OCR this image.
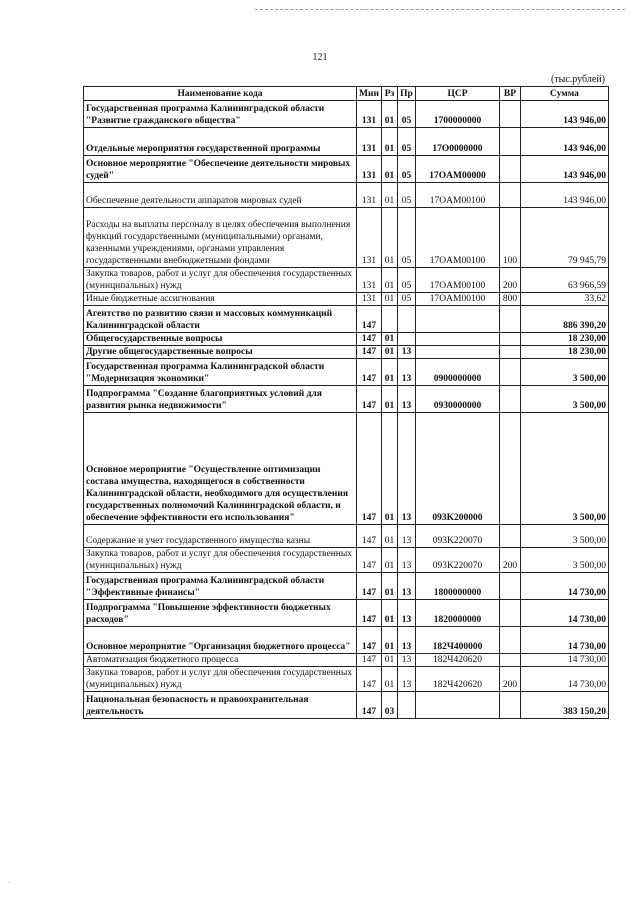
121
(тыс.рублей)
Наименование кода	Мин	Рз	Пр	ЦСР	ВР	Сумма
Государственная программа Калининградской области "Развитие гражданского общества"	131	01	05	1700000000		143 946,00
Отдельные мероприятия государственной программы	131	01	05	17O0000000		143 946,00
Основное мероприятие "Обеспечение деятельности мировых судей"	131	01	05	17OAM00000		143 946,00
Обеспечение деятельности аппаратов мировых судей	131	01	05	17OAM00100		143 946,00
Расходы на выплаты персоналу в целях обеспечения выполнения функций государственными (муниципальными) органами, казенными учреждениями, органами управления государственными внебюджетными фондами	131	01	05	17OAM00100	100	79 945,79
Закупка товаров, работ и услуг для обеспечения государственных (муниципальных) нужд	131	01	05	17OAM00100	200	63 966,59
Иные бюджетные ассигнования	131	01	05	17OAM00100	800	33,62
Агентство по развитию связи и массовых коммуникаций Калининградской области	147					886 390,20
Общегосударственные вопросы	147	01				18 230,00
Другие общегосударственные вопросы	147	01	13			18 230,00
Государственная программа Калининградской области "Модернизация экономики"	147	01	13	0900000000		3 500,00
Подпрограмма "Создание благоприятных условий для развития рынка недвижимости"	147	01	13	0930000000		3 500,00
Основное мероприятие "Осуществление оптимизации состава имущества, находящегося в собственности Калининградской области, необходимого для осуществления государственных полномочий Калининградской области, и обеспечение эффективности его использования"	147	01	13	093K200000		3 500,00
Содержание и учет государственного имущества казны	147	01	13	093K220070		3 500,00
Закупка товаров, работ и услуг для обеспечения государственных (муниципальных) нужд	147	01	13	093K220070	200	3 500,00
Государственная программа Калининградской области "Эффективные финансы"	147	01	13	1800000000		14 730,00
Подпрограмма "Повышение эффективности бюджетных расходов"	147	01	13	1820000000		14 730,00
Основное мероприятие "Организация бюджетного процесса"	147	01	13	182Ч400000		14 730,00
Автоматизация бюджетного процесса	147	01	13	182Ч420620		14 730,00
Закупка товаров, работ и услуг для обеспечения государственных (муниципальных) нужд	147	01	13	182Ч420620	200	14 730,00
Национальная безопасность и правоохранительная деятельность	147	03				383 150,20
·
